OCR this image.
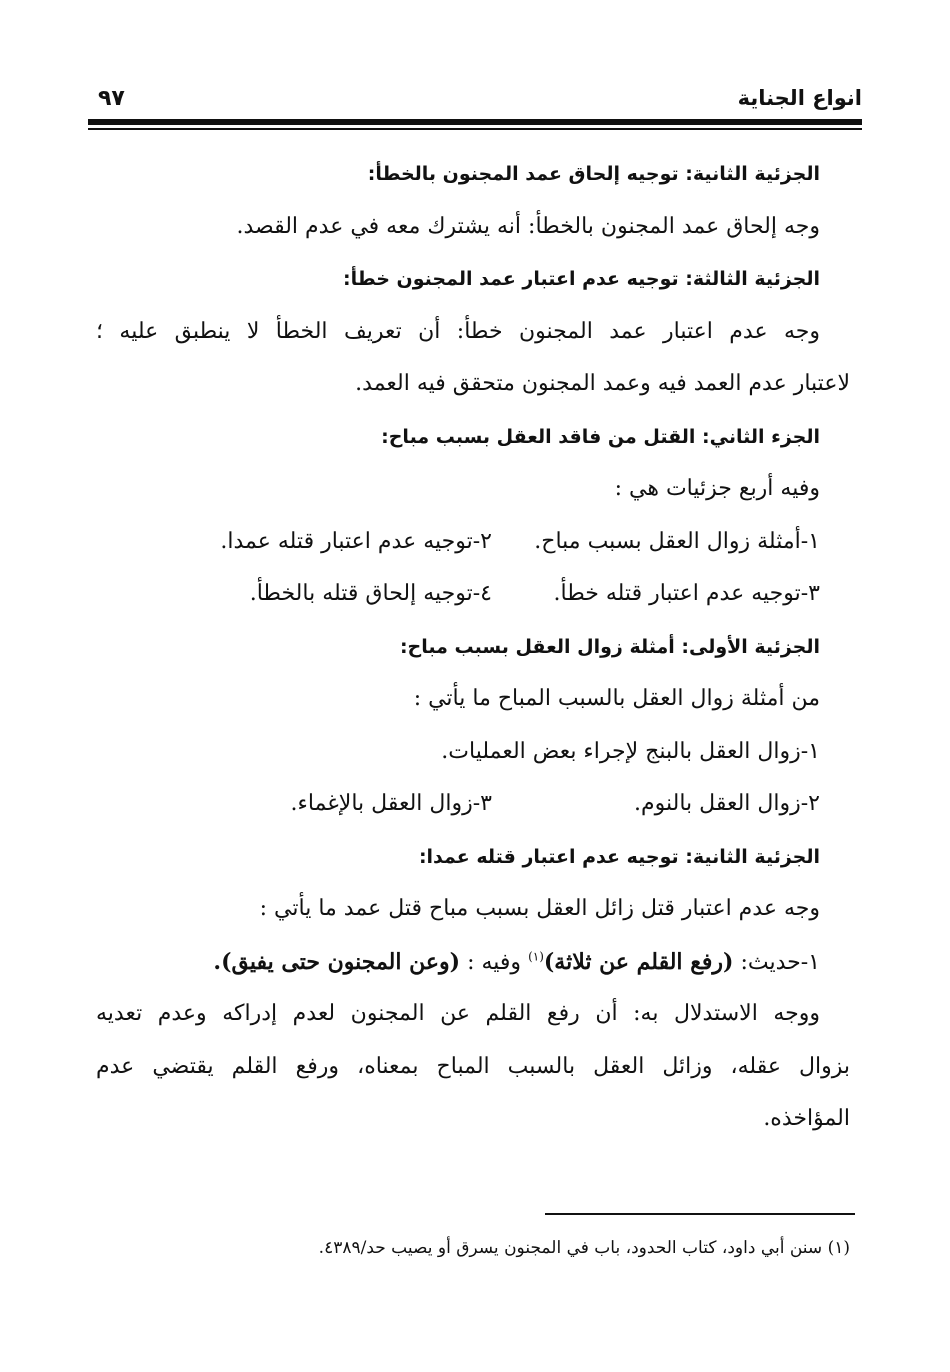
انواع الجناية
٩٧
الجزئية الثانية: توجيه إلحاق عمد المجنون بالخطأ:
وجه إلحاق عمد المجنون بالخطأ: أنه يشترك معه في عدم القصد.
الجزئية الثالثة: توجيه عدم اعتبار عمد المجنون خطأ:
وجه عدم اعتبار عمد المجنون خطأ: أن تعريف الخطأ لا ينطبق عليه ؛
لاعتبار عدم العمد فيه وعمد المجنون متحقق فيه العمد.
الجزء الثاني: القتل من فاقد العقل بسبب مباح:
وفيه أربع جزئيات هي :
١-أمثلة زوال العقل بسبب مباح.
٢-توجيه عدم اعتبار قتله عمدا.
٣-توجيه عدم اعتبار قتله خطأ.
٤-توجيه إلحاق قتله بالخطأ.
الجزئية الأولى: أمثلة زوال العقل بسبب مباح:
من أمثلة زوال العقل بالسبب المباح ما يأتي :
١-زوال العقل بالبنج لإجراء بعض العمليات.
٢-زوال العقل بالنوم.
٣-زوال العقل بالإغماء.
الجزئية الثانية: توجيه عدم اعتبار قتله عمدا:
وجه عدم اعتبار قتل زائل العقل بسبب مباح قتل عمد ما يأتي :
١-حديث: (رفع القلم عن ثلاثة)$^{(١)}$ وفيه : (وعن المجنون حتى يفيق).
ووجه الاستدلال به: أن رفع القلم عن المجنون لعدم إدراكه وعدم تعديه
بزوال عقله، وزائل العقل بالسبب المباح بمعناه، ورفع القلم يقتضي عدم
المؤاخذه.
(١) سنن أبي داود، كتاب الحدود، باب في المجنون يسرق أو يصيب حد/٤٣٨٩.
